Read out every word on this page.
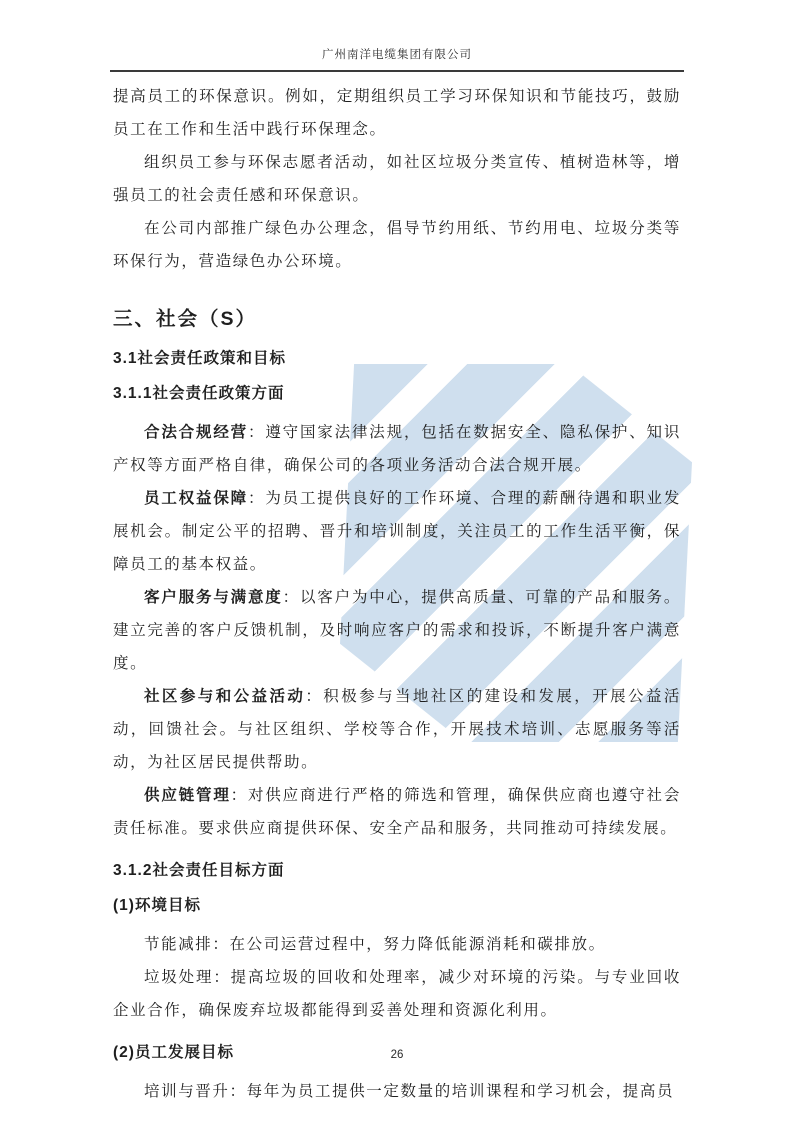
广州南洋电缆集团有限公司

提高员工的环保意识。例如，定期组织员工学习环保知识和节能技巧，鼓励员工在工作和生活中践行环保理念。

组织员工参与环保志愿者活动，如社区垃圾分类宣传、植树造林等，增强员工的社会责任感和环保意识。

在公司内部推广绿色办公理念，倡导节约用纸、节约用电、垃圾分类等环保行为，营造绿色办公环境。

三、社会（S）
3.1社会责任政策和目标
3.1.1社会责任政策方面

合法合规经营：遵守国家法律法规，包括在数据安全、隐私保护、知识产权等方面严格自律，确保公司的各项业务活动合法合规开展。

员工权益保障：为员工提供良好的工作环境、合理的薪酬待遇和职业发展机会。制定公平的招聘、晋升和培训制度，关注员工的工作生活平衡，保障员工的基本权益。

客户服务与满意度：以客户为中心，提供高质量、可靠的产品和服务。建立完善的客户反馈机制，及时响应客户的需求和投诉，不断提升客户满意度。

社区参与和公益活动：积极参与当地社区的建设和发展，开展公益活动，回馈社会。与社区组织、学校等合作，开展技术培训、志愿服务等活动，为社区居民提供帮助。

供应链管理：对供应商进行严格的筛选和管理，确保供应商也遵守社会责任标准。要求供应商提供环保、安全产品和服务，共同推动可持续发展。

3.1.2社会责任目标方面
(1)环境目标

节能减排：在公司运营过程中，努力降低能源消耗和碳排放。

垃圾处理：提高垃圾的回收和处理率，减少对环境的污染。与专业回收企业合作，确保废弃垃圾都能得到妥善处理和资源化利用。

(2)员工发展目标

培训与晋升：每年为员工提供一定数量的培训课程和学习机会，提高员

26
